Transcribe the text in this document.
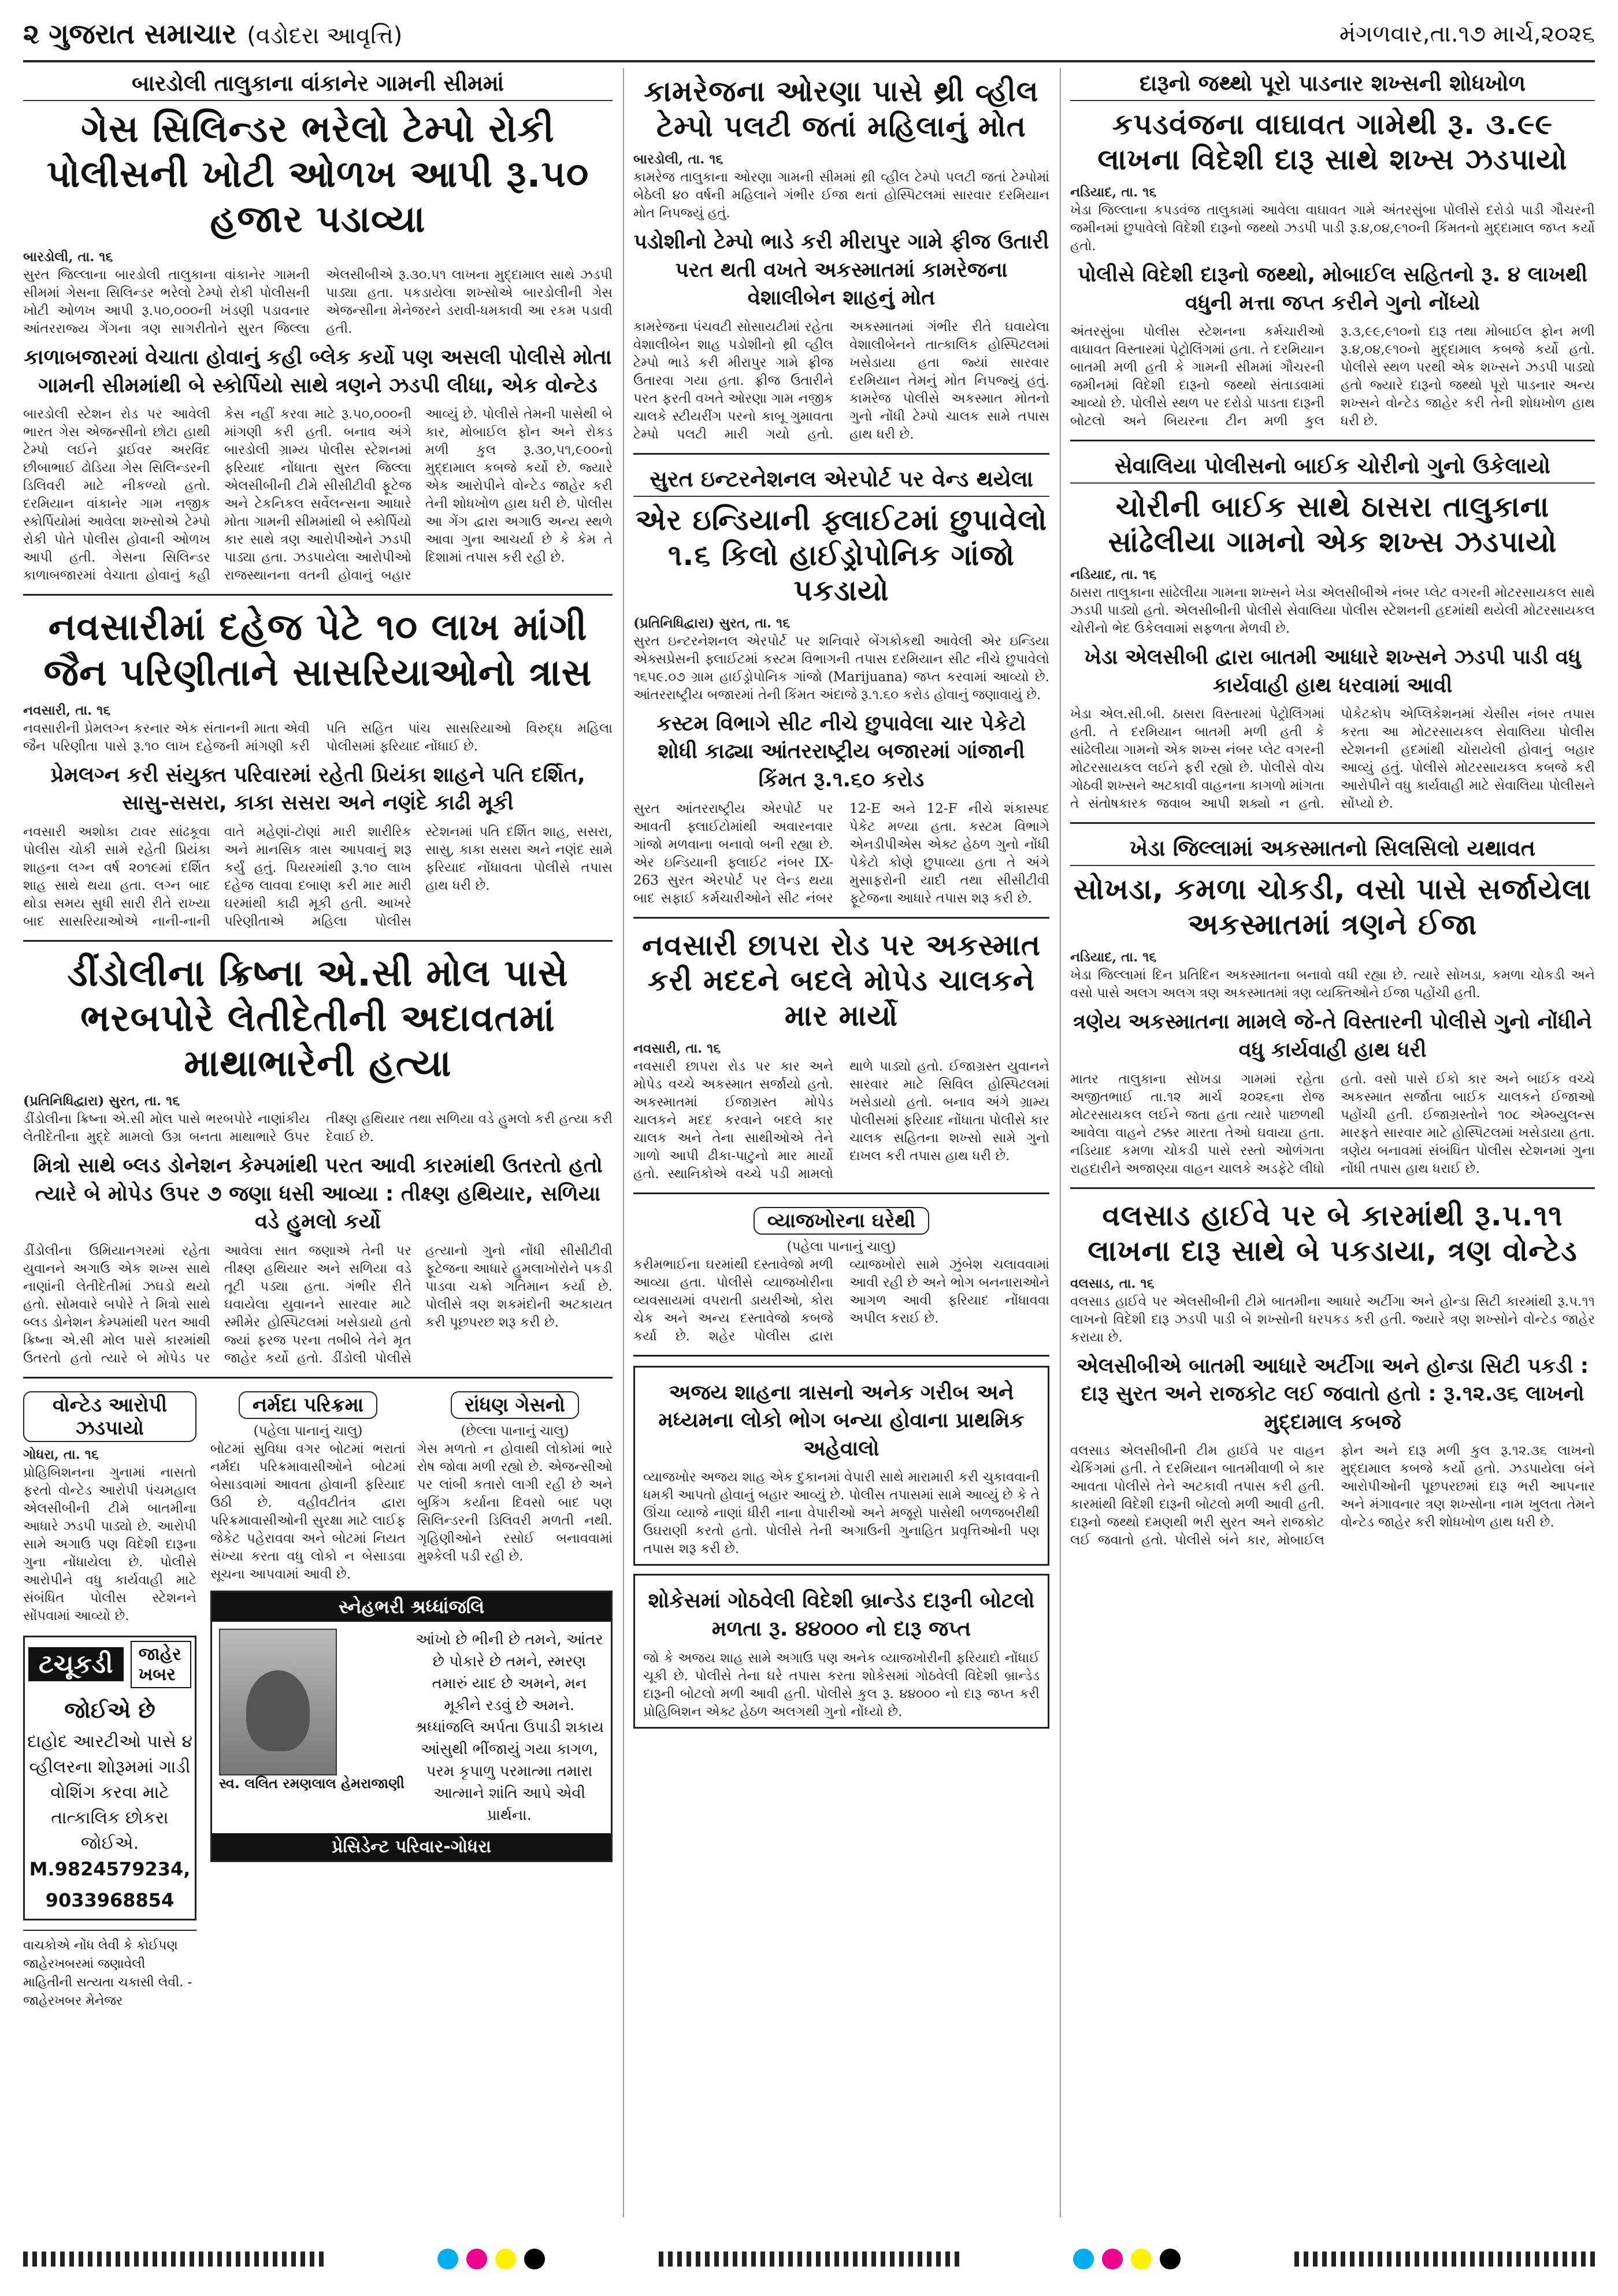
૨ ગુજરાત સમાચાર (વડોદરા આવૃત્તિ)	મંગળવાર,તા.૧૭ માર્ચ,૨૦૨૬
બારડોલી તાલુકાના વાંકાનેર ગામની સીમમાં
ગેસ સિલિન્ડર ભરેલો ટેમ્પો રોકી પોલીસની ખોટી ઓળખ આપી રૂ.૫૦ હજાર પડાવ્યા
બારડોલી, તા. ૧૬
સુરત જિલ્લાના બારડોલી તાલુકાના વાંકાનેર ગામની સીમમાં ગેસના સિલિન્ડર ભરેલો ટેમ્પો રોકી પોલીસની ખોટી ઓળખ આપી રૂ.૫૦,૦૦૦ની ખંડણી પડાવનાર આંતરરાજ્ય ગેંગના ત્રણ સાગરીતોને સુરત જિલ્લા એલસીબીએ રૂ.૩૦.૫૧ લાખના મુદ્દામાલ સાથે ઝડપી પાડ્યા હતા. પકડાયેલા શખ્સોએ બારડોલીની ગેસ એજન્સીના મેનેજરને ડરાવી-ધમકાવી આ રકમ પડાવી હતી.
કાળાબજારમાં વેચાતા હોવાનું કહી બ્લેક કર્યો પણ અસલી પોલીસે મોતા ગામની સીમમાંથી બે સ્કોર્પિયો સાથે ત્રણને ઝડપી લીધા, એક વોન્ટેડ
બારડોલી સ્ટેશન રોડ પર આવેલી ભારત ગેસ એજન્સીનો છોટા હાથી ટેમ્પો લઈને ડ્રાઈવર અરવિંદ છીબાભાઈ ઢોડિયા ગેસ સિલિન્ડરની ડિલિવરી માટે નીકળ્યો હતો. દરમિયાન વાંકાનેર ગામ નજીક સ્કોર્પિયોમાં આવેલા શખ્સોએ ટેમ્પો રોકી પોતે પોલીસ હોવાની ઓળખ આપી હતી. ગેસના સિલિન્ડર કાળાબજારમાં વેચાતા હોવાનું કહી કેસ નહીં કરવા માટે રૂ.૫૦,૦૦૦ની માંગણી કરી હતી. બનાવ અંગે બારડોલી ગ્રામ્ય પોલીસ સ્ટેશનમાં ફરિયાદ નોંધાતા સુરત જિલ્લા એલસીબીની ટીમે સીસીટીવી ફૂટેજ અને ટેકનિકલ સર્વેલન્સના આધારે મોતા ગામની સીમમાંથી બે સ્કોર્પિયો કાર સાથે ત્રણ આરોપીઓને ઝડપી પાડ્યા હતા. ઝડપાયેલા આરોપીઓ રાજસ્થાનના વતની હોવાનું બહાર આવ્યું છે. પોલીસે તેમની પાસેથી બે કાર, મોબાઈલ ફોન અને રોકડ મળી કુલ રૂ.૩૦,૫૧,૯૦૦નો મુદ્દામાલ કબજે કર્યો છે. જ્યારે એક આરોપીને વોન્ટેડ જાહેર કરી તેની શોધખોળ હાથ ધરી છે. પોલીસ આ ગેંગ દ્વારા અગાઉ અન્ય સ્થળે આવા ગુના આચર્યા છે કે કેમ તે દિશામાં તપાસ કરી રહી છે.
નવસારીમાં દહેજ પેટે ૧૦ લાખ માંગી જૈન પરિણીતાને સાસરિયાઓનો ત્રાસ
નવસારી, તા. ૧૬
નવસારીની પ્રેમલગ્ન કરનાર એક સંતાનની માતા એવી જૈન પરિણીતા પાસે રૂ.૧૦ લાખ દહેજની માંગણી કરી પતિ સહિત પાંચ સાસરિયાઓ વિરુદ્ધ મહિલા પોલીસમાં ફરિયાદ નોંધાઈ છે.
પ્રેમલગ્ન કરી સંયુક્ત પરિવારમાં રહેતી પ્રિયંકા શાહને પતિ દર્શિત, સાસુ-સસરા, કાકા સસરા અને નણંદે કાઢી મૂકી
નવસારી અશોકા ટાવર સાંઢકૂવા પોલીસ ચોકી સામે રહેતી પ્રિયંકા શાહના લગ્ન વર્ષ ૨૦૧૯માં દર્શિત શાહ સાથે થયા હતા. લગ્ન બાદ થોડા સમય સુધી સારી રીતે રાખ્યા બાદ સાસરિયાઓએ નાની-નાની વાતે મહેણાં-ટોણાં મારી શારીરિક અને માનસિક ત્રાસ આપવાનું શરૂ કર્યું હતું. પિયરમાંથી રૂ.૧૦ લાખ દહેજ લાવવા દબાણ કરી માર મારી ઘરમાંથી કાઢી મૂકી હતી. આખરે પરિણીતાએ મહિલા પોલીસ સ્ટેશનમાં પતિ દર્શિત શાહ, સસરા, સાસુ, કાકા સસરા અને નણંદ સામે ફરિયાદ નોંધાવતા પોલીસે તપાસ હાથ ધરી છે.
ડીંડોલીના ક્રિષ્ના એ.સી મોલ પાસે ભરબપોરે લેતીદેતીની અદાવતમાં માથાભારેની હત્યા
(પ્રતિનિધિદ્વારા) સુરત, તા. ૧૬
ડીંડોલીના ક્રિષ્ના એ.સી મોલ પાસે ભરબપોરે નાણાંકીય લેતીદેતીના મુદ્દે મામલો ઉગ્ર બનતા માથાભારે ઉપર તીક્ષ્ણ હથિયાર તથા સળિયા વડે હુમલો કરી હત્યા કરી દેવાઈ છે.
મિત્રો સાથે બ્લડ ડોનેશન કેમ્પમાંથી પરત આવી કારમાંથી ઉતરતો હતો ત્યારે બે મોપેડ ઉપર ૭ જણા ધસી આવ્યા : તીક્ષ્ણ હથિયાર, સળિયા વડે હુમલો કર્યો
ડીંડોલીના ઉમિયાનગરમાં રહેતા યુવાનને અગાઉ એક શખ્સ સાથે નાણાંની લેતીદેતીમાં ઝઘડો થયો હતો. સોમવારે બપોરે તે મિત્રો સાથે બ્લડ ડોનેશન કેમ્પમાંથી પરત આવી ક્રિષ્ના એ.સી મોલ પાસે કારમાંથી ઉતરતો હતો ત્યારે બે મોપેડ પર આવેલા સાત જણાએ તેની પર તીક્ષ્ણ હથિયાર અને સળિયા વડે તૂટી પડ્યા હતા. ગંભીર રીતે ઘવાયેલા યુવાનને સારવાર માટે સ્મીમેર હોસ્પિટલમાં ખસેડાયો હતો જ્યાં ફરજ પરના તબીબે તેને મૃત જાહેર કર્યો હતો. ડીંડોલી પોલીસે હત્યાનો ગુનો નોંધી સીસીટીવી ફૂટેજના આધારે હુમલાખોરોને પકડી પાડવા ચક્રો ગતિમાન કર્યા છે. પોલીસે ત્રણ શકમંદોની અટકાયત કરી પૂછપરછ શરૂ કરી છે.
વોન્ટેડ આરોપી ઝડપાયો
ગોધરા, તા. ૧૬
પ્રોહિબિશનના ગુનામાં નાસતો ફરતો વોન્ટેડ આરોપી પંચમહાલ એલસીબીની ટીમે બાતમીના આધારે ઝડપી પાડ્યો છે. આરોપી સામે અગાઉ પણ વિદેશી દારૂના ગુના નોંધાયેલા છે. પોલીસે આરોપીને વધુ કાર્યવાહી માટે સંબંધિત પોલીસ સ્ટેશનને સોંપવામાં આવ્યો છે.
ટચૂકડી	જાહેર ખબર
જોઈએ છે
દાહોદ આરટીઓ પાસે ૪ વ્હીલરના શોરૂમમાં ગાડી વોશિંગ કરવા માટે તાત્કાલિક છોકરા જોઈએ.
M.9824579234,
9033968854
વાચકોએ નોંધ લેવી કે કોઈપણ જાહેરખબરમાં જણાવેલી માહિતીની સત્યતા ચકાસી લેવી. - જાહેરખબર મેનેજર
નર્મદા પરિક્રમા
(પહેલા પાનાનું ચાલુ)
બોટમાં સુવિધા વગર બોટમાં ભરાતાં નર્મદા પરિક્રમાવાસીઓને બોટમાં બેસાડવામાં આવતા હોવાની ફરિયાદ ઉઠી છે. વહીવટીતંત્ર દ્વારા પરિક્રમાવાસીઓની સુરક્ષા માટે લાઈફ જેકેટ પહેરાવવા અને બોટમાં નિયત સંખ્યા કરતા વધુ લોકો ન બેસાડવા સૂચના આપવામાં આવી છે.
રાંધણ ગેસનો
(છેલ્લા પાનાનું ચાલુ)
ગેસ મળતો ન હોવાથી લોકોમાં ભારે રોષ જોવા મળી રહ્યો છે. એજન્સીઓ પર લાંબી કતારો લાગી રહી છે અને બુકિંગ કર્યાના દિવસો બાદ પણ સિલિન્ડરની ડિલિવરી મળતી નથી. ગૃહિણીઓને રસોઈ બનાવવામાં મુશ્કેલી પડી રહી છે.
સ્નેહભરી શ્રધ્ધાંજલિ
સ્વ. લલિત રમણલાલ હેમરાજાણી
આંખો છે ભીની છે તમને, આંતર છે પોકારે છે તમને, સ્મરણ તમારું યાદ છે અમને, મન મૂકીને રડવું છે અમને. શ્રધ્ધાંજલિ અર્પતા ઉપાડી શકાય આંસુથી ભીંજાયું ગયા કાગળ, પરમ કૃપાળુ પરમાત્મા તમારા આત્માને શાંતિ આપે એવી પ્રાર્થના.
પ્રેસિડેન્ટ પરિવાર-ગોધરા
કામરેજના ઓરણા પાસે થ્રી વ્હીલ ટેમ્પો પલટી જતાં મહિલાનું મોત
બારડોલી, તા. ૧૬
કામરેજ તાલુકાના ઓરણા ગામની સીમમાં થ્રી વ્હીલ ટેમ્પો પલટી જતાં ટેમ્પોમાં બેઠેલી ૪૦ વર્ષની મહિલાને ગંભીર ઈજા થતાં હોસ્પિટલમાં સારવાર દરમિયાન મોત નિપજ્યું હતું.
પડોશીનો ટેમ્પો ભાડે કરી મીરાપુર ગામે ફીજ ઉતારી પરત થતી વખતે અકસ્માતમાં કામરેજના વેશાલીબેન શાહનું મોત
કામરેજના પંચવટી સોસાયટીમાં રહેતા વેશાલીબેન શાહ પડોશીનો થ્રી વ્હીલ ટેમ્પો ભાડે કરી મીરાપુર ગામે ફ્રીજ ઉતારવા ગયા હતા. ફ્રીજ ઉતારીને પરત ફરતી વખતે ઓરણા ગામ નજીક ચાલકે સ્ટીયરીંગ પરનો કાબૂ ગુમાવતા ટેમ્પો પલટી મારી ગયો હતો. અકસ્માતમાં ગંભીર રીતે ઘવાયેલા વેશાલીબેનને તાત્કાલિક હોસ્પિટલમાં ખસેડાયા હતા જ્યાં સારવાર દરમિયાન તેમનું મોત નિપજ્યું હતું. કામરેજ પોલીસે અકસ્માત મોતનો ગુનો નોંધી ટેમ્પો ચાલક સામે તપાસ હાથ ધરી છે.
સુરત ઇન્ટરનેશનલ એરપોર્ટ પર વેન્ડ થયેલા
એર ઇન્ડિયાની ફ્લાઈટમાં છુપાવેલો ૧.૬ કિલો હાઈડ્રોપોનિક ગાંજો પકડાયો
(પ્રતિનિધિદ્વારા) સુરત, તા. ૧૬
સુરત ઇન્ટરનેશનલ એરપોર્ટ પર શનિવારે બેંગકોકથી આવેલી એર ઇન્ડિયા એક્સપ્રેસની ફ્લાઈટમાં કસ્ટમ વિભાગની તપાસ દરમિયાન સીટ નીચે છુપાવેલો ૧૬૫૯.૦૭ ગ્રામ હાઈડ્રોપોનિક ગાંજો (Marijuana) જપ્ત કરવામાં આવ્યો છે. આંતરરાષ્ટ્રીય બજારમાં તેની કિંમત અંદાજે રૂ.૧.૬૦ કરોડ હોવાનું જણાવાયું છે.
કસ્ટમ વિભાગે સીટ નીચે છુપાવેલા ચાર પેકેટો શોધી કાઢ્યા આંતરરાષ્ટ્રીય બજારમાં ગાંજાની કિંમત રૂ.૧.૬૦ કરોડ
સુરત આંતરરાષ્ટ્રીય એરપોર્ટ પર આવતી ફ્લાઈટોમાંથી અવારનવાર ગાંજો મળવાના બનાવો બની રહ્યા છે. એર ઇન્ડિયાની ફ્લાઈટ નંબર IX-263 સુરત એરપોર્ટ પર લેન્ડ થયા બાદ સફાઈ કર્મચારીઓને સીટ નંબર 12-E અને 12-F નીચે શંકાસ્પદ પેકેટ મળ્યા હતા. કસ્ટમ વિભાગે એનડીપીએસ એક્ટ હેઠળ ગુનો નોંધી પેકેટો કોણે છુપાવ્યા હતા તે અંગે મુસાફરોની યાદી તથા સીસીટીવી ફૂટેજના આધારે તપાસ શરૂ કરી છે.
નવસારી છાપરા રોડ પર અકસ્માત કરી મદદને બદલે મોપેડ ચાલકને માર માર્યો
નવસારી, તા. ૧૬
નવસારી છાપરા રોડ પર કાર અને મોપેડ વચ્ચે અકસ્માત સર્જાયો હતો. અકસ્માતમાં ઈજાગ્રસ્ત મોપેડ ચાલકને મદદ કરવાને બદલે કાર ચાલક અને તેના સાથીઓએ તેને ગાળો આપી ઢીકા-પાટુનો માર માર્યો હતો. સ્થાનિકોએ વચ્ચે પડી મામલો થાળે પાડ્યો હતો. ઈજાગ્રસ્ત યુવાનને સારવાર માટે સિવિલ હોસ્પિટલમાં ખસેડાયો હતો. બનાવ અંગે ગ્રામ્ય પોલીસમાં ફરિયાદ નોંધાતા પોલીસે કાર ચાલક સહિતના શખ્સો સામે ગુનો દાખલ કરી તપાસ હાથ ધરી છે.
વ્યાજખોરના ઘરેથી
(પહેલા પાનાનું ચાલુ)
કરીમભાઈના ઘરમાંથી દસ્તાવેજો મળી આવ્યા હતા. પોલીસે વ્યાજખોરીના વ્યવસાયમાં વપરાતી ડાયરીઓ, કોરા ચેક અને અન્ય દસ્તાવેજો કબજે કર્યા છે. શહેર પોલીસ દ્વારા વ્યાજખોરો સામે ઝુંબેશ ચલાવવામાં આવી રહી છે અને ભોગ બનનારાઓને આગળ આવી ફરિયાદ નોંધાવવા અપીલ કરાઈ છે.
અજય શાહના ત્રાસનો અનેક ગરીબ અને મધ્યમના લોકો ભોગ બન્યા હોવાના પ્રાથમિક અહેવાલો
વ્યાજખોર અજય શાહ એક દુકાનમાં વેપારી સાથે મારામારી કરી ચુકાવવાની ધમકી આપતો હોવાનું બહાર આવ્યું છે. પોલીસ તપાસમાં સામે આવ્યું છે કે તે ઊંચા વ્યાજે નાણાં ધીરી નાના વેપારીઓ અને મજૂરો પાસેથી બળજબરીથી ઉઘરાણી કરતો હતો. પોલીસે તેની અગાઉની ગુનાહિત પ્રવૃત્તિઓની પણ તપાસ શરૂ કરી છે.
શોકેસમાં ગોઠવેલી વિદેશી બ્રાન્ડેડ દારૂની બોટલો મળતા રૂ. ૪૪૦૦૦ નો દારૂ જપ્ત
જો કે અજય શાહ સામે અગાઉ પણ અનેક વ્યાજખોરીની ફરિયાદો નોંધાઈ ચૂકી છે. પોલીસે તેના ઘરે તપાસ કરતા શોકેસમાં ગોઠવેલી વિદેશી બ્રાન્ડેડ દારૂની બોટલો મળી આવી હતી. પોલીસે કુલ રૂ. ૪૪૦૦૦ નો દારૂ જપ્ત કરી પ્રોહિબિશન એક્ટ હેઠળ અલગથી ગુનો નોંધ્યો છે.
દારૂનો જથ્થો પૂરો પાડનાર શખ્સની શોધખોળ
કપડવંજના વાઘાવત ગામેથી રૂ. ૩.૯૯ લાખના વિદેશી દારૂ સાથે શખ્સ ઝડપાયો
નડિયાદ, તા. ૧૬
ખેડા જિલ્લાના કપડવંજ તાલુકામાં આવેલા વાઘાવત ગામે અંતરસુંબા પોલીસે દરોડો પાડી ગૌચરની જમીનમાં છુપાવેલો વિદેશી દારૂનો જથ્થો ઝડપી પાડી રૂ.૪,૦૪,૯૧૦ની કિંમતનો મુદ્દામાલ જપ્ત કર્યો હતો.
પોલીસે વિદેશી દારૂનો જથ્થો, મોબાઈલ સહિતનો રૂ. ૪ લાખથી વધુની મત્તા જપ્ત કરીને ગુનો નોંધ્યો
અંતરસુંબા પોલીસ સ્ટેશનના કર્મચારીઓ વાઘાવત વિસ્તારમાં પેટ્રોલિંગમાં હતા. તે દરમિયાન બાતમી મળી હતી કે ગામની સીમમાં ગૌચરની જમીનમાં વિદેશી દારૂનો જથ્થો સંતાડવામાં આવ્યો છે. પોલીસે સ્થળ પર દરોડો પાડતા દારૂની બોટલો અને બિયરના ટીન મળી કુલ રૂ.૩,૯૯,૯૧૦નો દારૂ તથા મોબાઈલ ફોન મળી રૂ.૪,૦૪,૯૧૦નો મુદ્દામાલ કબજે કર્યો હતો. પોલીસે સ્થળ પરથી એક શખ્સને ઝડપી પાડ્યો હતો જ્યારે દારૂનો જથ્થો પૂરો પાડનાર અન્ય શખ્સને વોન્ટેડ જાહેર કરી તેની શોધખોળ હાથ ધરી છે.
સેવાલિયા પોલીસનો બાઈક ચોરીનો ગુનો ઉકેલાયો
ચોરીની બાઈક સાથે ઠાસરા તાલુકાના સાંઢેલીયા ગામનો એક શખ્સ ઝડપાયો
નડિયાદ, તા. ૧૬
ઠાસરા તાલુકાના સાંઢેલીયા ગામના શખ્સને ખેડા એલસીબીએ નંબર પ્લેટ વગરની મોટરસાયકલ સાથે ઝડપી પાડ્યો હતો. એલસીબીની પોલીસે સેવાલિયા પોલીસ સ્ટેશનની હદમાંથી થયેલી મોટરસાયકલ ચોરીનો ભેદ ઉકેલવામાં સફળતા મેળવી છે.
ખેડા એલસીબી દ્વારા બાતમી આધારે શખ્સને ઝડપી પાડી વધુ કાર્યવાહી હાથ ધરવામાં આવી
ખેડા એલ.સી.બી. ઠાસરા વિસ્તારમાં પેટ્રોલિંગમાં હતી. તે દરમિયાન બાતમી મળી હતી કે સાંઢેલીયા ગામનો એક શખ્સ નંબર પ્લેટ વગરની મોટરસાયકલ લઈને ફરી રહ્યો છે. પોલીસે વોચ ગોઠવી શખ્સને અટકાવી વાહનના કાગળો માંગતા તે સંતોષકારક જવાબ આપી શક્યો ન હતો. પોકેટકોપ એપ્લિકેશનમાં ચેસીસ નંબર તપાસ કરતા આ મોટરસાયકલ સેવાલિયા પોલીસ સ્ટેશનની હદમાંથી ચોરાયેલી હોવાનું બહાર આવ્યું હતું. પોલીસે મોટરસાયકલ કબજે કરી આરોપીને વધુ કાર્યવાહી માટે સેવાલિયા પોલીસને સોંપ્યો છે.
ખેડા જિલ્લામાં અકસ્માતનો સિલસિલો યથાવત
સોખડા, કમળા ચોકડી, વસો પાસે સર્જાયેલા અકસ્માતમાં ત્રણને ઈજા
નડિયાદ, તા. ૧૬
ખેડા જિલ્લામાં દિન પ્રતિદિન અકસ્માતના બનાવો વધી રહ્યા છે. ત્યારે સોખડા, કમળા ચોકડી અને વસો પાસે અલગ અલગ ત્રણ અકસ્માતમાં ત્રણ વ્યક્તિઓને ઈજા પહોંચી હતી.
ત્રણેય અકસ્માતના મામલે જે-તે વિસ્તારની પોલીસે ગુનો નોંધીને વધુ કાર્યવાહી હાથ ધરી
માતર તાલુકાના સોખડા ગામમાં રહેતા અજીતભાઈ તા.૧૨ માર્ચ ૨૦૨૬ના રોજ મોટરસાયકલ લઈને જતા હતા ત્યારે પાછળથી આવેલા વાહને ટક્કર મારતા તેઓ ઘવાયા હતા. નડિયાદ કમળા ચોકડી પાસે રસ્તો ઓળંગતા રાહદારીને અજાણ્યા વાહન ચાલકે અડફેટે લીધો હતો. વસો પાસે ઈકો કાર અને બાઈક વચ્ચે અકસ્માત સર્જાતા બાઈક ચાલકને ઈજાઓ પહોંચી હતી. ઈજાગ્રસ્તોને ૧૦૮ એમ્બ્યુલન્સ મારફતે સારવાર માટે હોસ્પિટલમાં ખસેડાયા હતા. ત્રણેય બનાવમાં સંબંધિત પોલીસ સ્ટેશનમાં ગુના નોંધી તપાસ હાથ ધરાઈ છે.
વલસાડ હાઈવે પર બે કારમાંથી રૂ.૫.૧૧ લાખના દારૂ સાથે બે પકડાયા, ત્રણ વોન્ટેડ
વલસાડ, તા. ૧૬
વલસાડ હાઈવે પર એલસીબીની ટીમે બાતમીના આધારે અર્ટીગા અને હોન્ડા સિટી કારમાંથી રૂ.૫.૧૧ લાખનો વિદેશી દારૂ ઝડપી પાડી બે શખ્સોની ધરપકડ કરી હતી. જ્યારે ત્રણ શખ્સોને વોન્ટેડ જાહેર કરાયા છે.
એલસીબીએ બાતમી આધારે અર્ટીગા અને હોન્ડા સિટી પકડી : દારૂ સુરત અને રાજકોટ લઈ જવાતો હતો : રૂ.૧૨.૩૬ લાખનો મુદ્દામાલ કબજે
વલસાડ એલસીબીની ટીમ હાઈવે પર વાહન ચેકિંગમાં હતી. તે દરમિયાન બાતમીવાળી બે કાર આવતા પોલીસે તેને અટકાવી તપાસ કરી હતી. કારમાંથી વિદેશી દારૂની બોટલો મળી આવી હતી. દારૂનો જથ્થો દમણથી ભરી સુરત અને રાજકોટ લઈ જવાતો હતો. પોલીસે બંને કાર, મોબાઈલ ફોન અને દારૂ મળી કુલ રૂ.૧૨.૩૬ લાખનો મુદ્દામાલ કબજે કર્યો હતો. ઝડપાયેલા બંને આરોપીઓની પૂછપરછમાં દારૂ ભરી આપનાર અને મંગાવનાર ત્રણ શખ્સોના નામ ખુલતા તેમને વોન્ટેડ જાહેર કરી શોધખોળ હાથ ધરી છે.
